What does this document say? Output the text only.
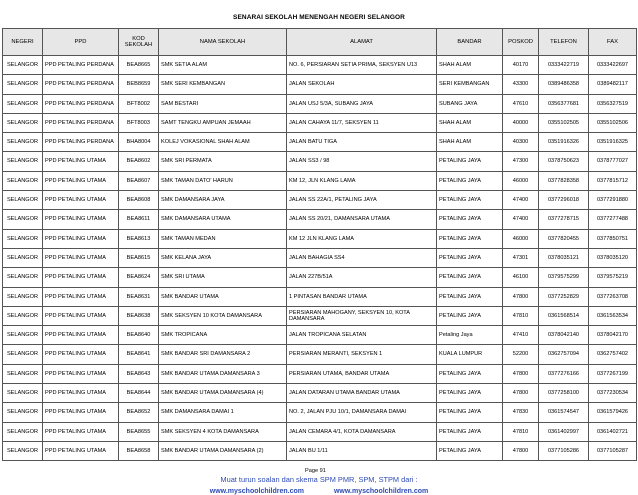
SENARAI SEKOLAH MENENGAH NEGERI SELANGOR
NEGERI	PPD	KOD SEKOLAH	NAMA SEKOLAH	ALAMAT	BANDAR	POSKOD	TELEFON	FAX
SELANGOR	PPD PETALING PERDANA	BEA8665	SMK SETIA ALAM	NO. 6, PERSIARAN SETIA PRIMA, SEKSYEN U13	SHAH ALAM	40170	0333422719	0333422697
SELANGOR	PPD PETALING PERDANA	BEB8659	SMK SERI KEMBANGAN	JALAN SEKOLAH	SERI KEMBANGAN	43300	0389486358	0389482117
SELANGOR	PPD PETALING PERDANA	BFT8002	SAM BESTARI	JALAN USJ 5/3A, SUBANG JAYA	SUBANG JAYA	47610	0356377681	0356327519
SELANGOR	PPD PETALING PERDANA	BFT8003	SAMT TENGKU AMPUAN JEMAAH	JALAN CAHAYA 11/7, SEKSYEN 11	SHAH ALAM	40000	0355102505	0355102506
SELANGOR	PPD PETALING PERDANA	BHA8004	KOLEJ VOKASIONAL SHAH ALAM	JALAN BATU TIGA	SHAH ALAM	40300	0351916326	0351916325
SELANGOR	PPD PETALING UTAMA	BEA8602	SMK SRI PERMATA	JALAN SS3 / 98	PETALING JAYA	47300	0378750623	0378777027
SELANGOR	PPD PETALING UTAMA	BEA8607	SMK TAMAN DATO' HARUN	KM 12, JLN KLANG LAMA	PETALING JAYA	46000	0377828358	0377815712
SELANGOR	PPD PETALING UTAMA	BEA8608	SMK DAMANSARA JAYA	JALAN SS 22A/1, PETALING JAYA	PETALING JAYA	47400	0377296018	0377291880
SELANGOR	PPD PETALING UTAMA	BEA8611	SMK DAMANSARA UTAMA	JALAN SS 20/21, DAMANSARA UTAMA	PETALING JAYA	47400	0377278715	0377277488
SELANGOR	PPD PETALING UTAMA	BEA8613	SMK TAMAN MEDAN	KM 12 JLN KLANG LAMA	PETALING JAYA	46000	0377820455	0377850751
SELANGOR	PPD PETALING UTAMA	BEA8615	SMK KELANA JAYA	JALAN BAHAGIA SS4	PETALING JAYA	47301	0378035121	0378035120
SELANGOR	PPD PETALING UTAMA	BEA8624	SMK SRI UTAMA	JALAN 227B/51A	PETALING JAYA	46100	0379575299	0379575219
SELANGOR	PPD PETALING UTAMA	BEA8631	SMK BANDAR UTAMA	1 PINTASAN BANDAR UTAMA	PETALING JAYA	47800	0377252829	0377263708
SELANGOR	PPD PETALING UTAMA	BEA8638	SMK SEKSYEN 10 KOTA DAMANSARA	PERSIARAN MAHOGANY, SEKSYEN 10, KOTA DAMANSARA	PETALING JAYA	47810	0361568514	0361563534
SELANGOR	PPD PETALING UTAMA	BEA8640	SMK TROPICANA	JALAN TROPICANA SELATAN	Petaling Jaya	47410	0378042140	0378042170
SELANGOR	PPD PETALING UTAMA	BEA8641	SMK BANDAR SRI DAMANSARA 2	PERSIARAN MERANTI, SEKSYEN 1	KUALA LUMPUR	52200	0362757094	0362757402
SELANGOR	PPD PETALING UTAMA	BEA8643	SMK BANDAR UTAMA DAMANSARA 3	PERSIARAN UTAMA, BANDAR UTAMA	PETALING JAYA	47800	0377276166	0377267199
SELANGOR	PPD PETALING UTAMA	BEA8644	SMK BANDAR UTAMA DAMANSARA (4)	JALAN DATARAN UTAMA BANDAR UTAMA	PETALING JAYA	47800	0377258100	0377230534
SELANGOR	PPD PETALING UTAMA	BEA8652	SMK DAMANSARA DAMAI 1	NO. 2, JALAN PJU 10/1, DAMANSARA DAMAI	PETALING JAYA	47830	0361574547	0361579426
SELANGOR	PPD PETALING UTAMA	BEA8655	SMK SEKSYEN 4 KOTA DAMANSARA	JALAN CEMARA 4/1, KOTA DAMANSARA	PETALING JAYA	47810	0361402997	0361402721
SELANGOR	PPD PETALING UTAMA	BEA8658	SMK BANDAR UTAMA DAMANSARA (2)	JALAN BU 1/11	PETALING JAYA	47800	0377105286	0377105287
Page 91
Muat turun soalan dan skema SPM PMR, SPM, STPM dari :
www.myschoolchildren.com	www.myschoolchildren.com
